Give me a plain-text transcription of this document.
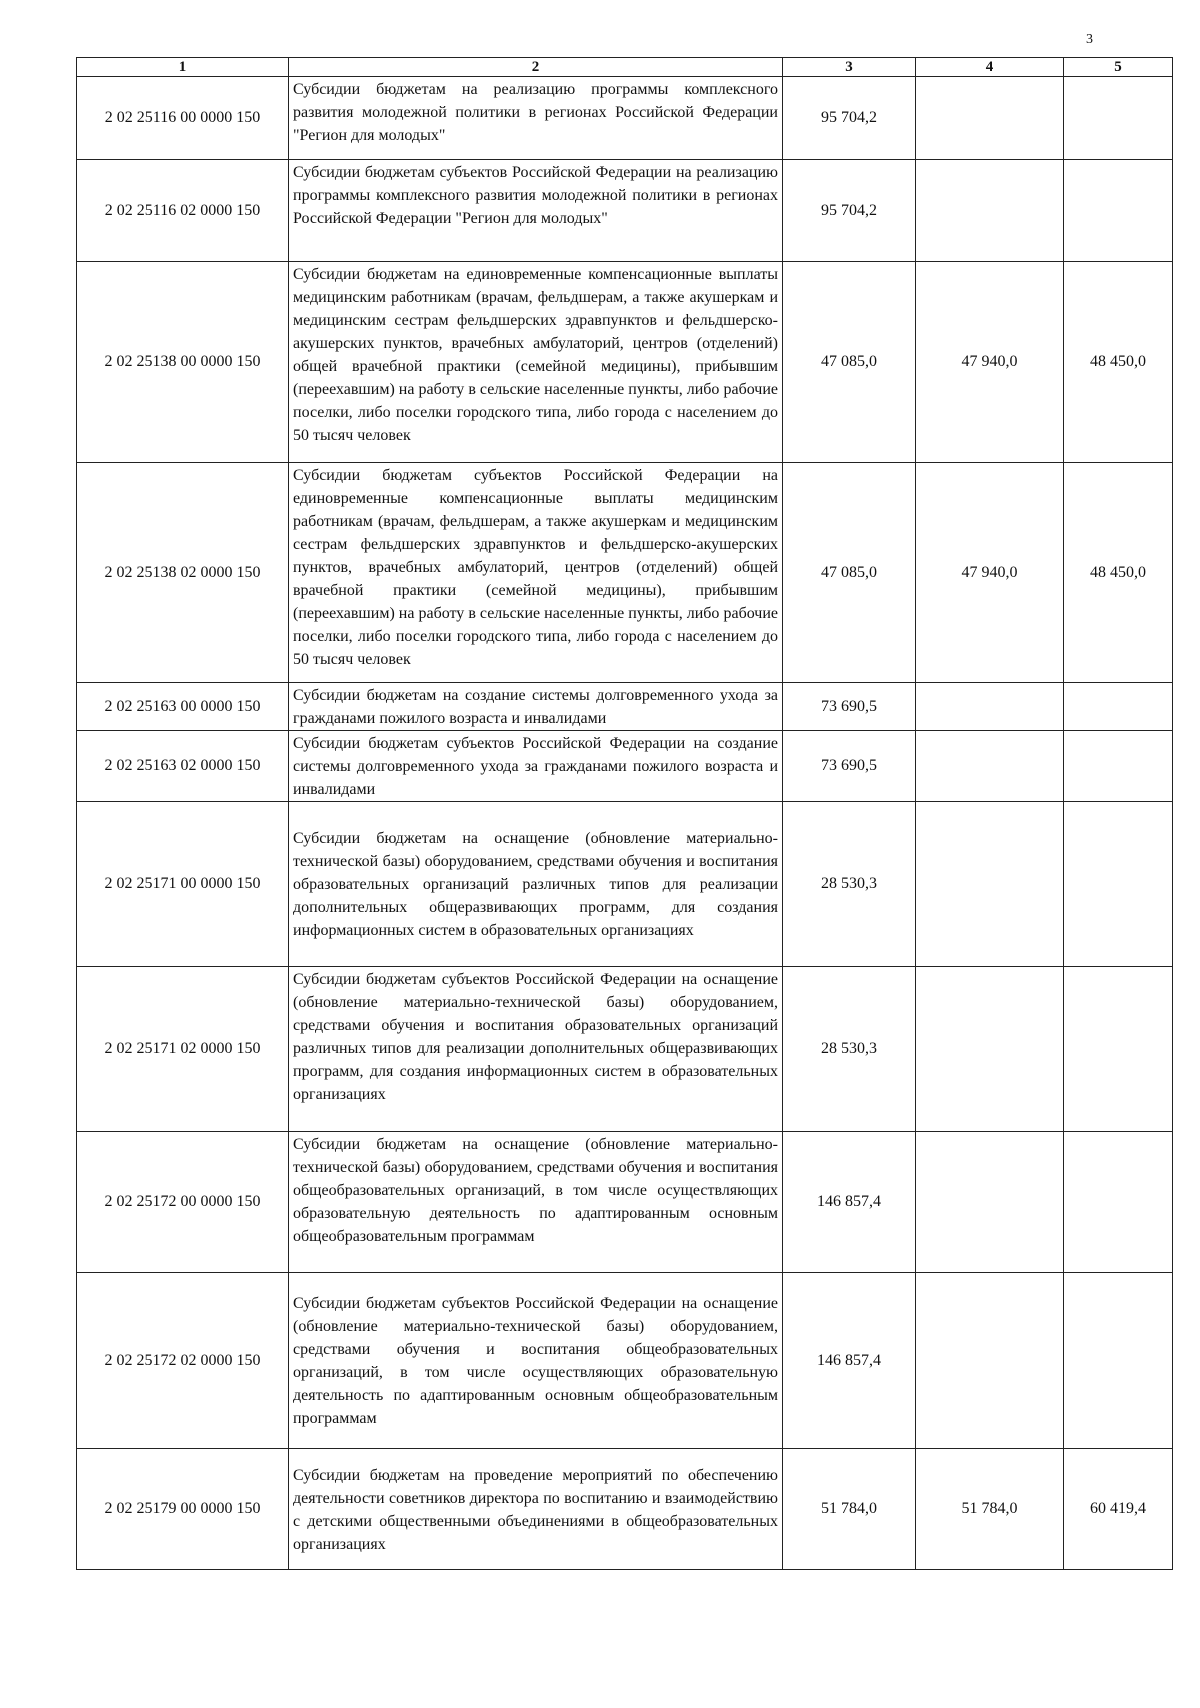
3
1	2	3	4	5
2 02 25116 00 0000 150	Субсидии бюджетам на реализацию программы комплексного развития молодежной политики в регионах Российской Федерации "Регион для молодых"	95 704,2		
2 02 25116 02 0000 150	Субсидии бюджетам субъектов Российской Федерации на реализацию программы комплексного развития молодежной политики в регионах Российской Федерации "Регион для молодых"	95 704,2		
2 02 25138 00 0000 150	Субсидии бюджетам на единовременные компенсационные выплаты медицинским работникам (врачам, фельдшерам, а также акушеркам и медицинским сестрам фельдшерских здравпунктов и фельдшерско-акушерских пунктов, врачебных амбулаторий, центров (отделений) общей врачебной практики (семейной медицины), прибывшим (переехавшим) на работу в сельские населенные пункты, либо рабочие поселки, либо поселки городского типа, либо города с населением до 50 тысяч человек	47 085,0	47 940,0	48 450,0
2 02 25138 02 0000 150	Субсидии бюджетам субъектов Российской Федерации на единовременные компенсационные выплаты медицинским работникам (врачам, фельдшерам, а также акушеркам и медицинским сестрам фельдшерских здравпунктов и фельдшерско-акушерских пунктов, врачебных амбулаторий, центров (отделений) общей врачебной практики (семейной медицины), прибывшим (переехавшим) на работу в сельские населенные пункты, либо рабочие поселки, либо поселки городского типа, либо города с населением до 50 тысяч человек	47 085,0	47 940,0	48 450,0
2 02 25163 00 0000 150	Субсидии бюджетам на создание системы долговременного ухода за гражданами пожилого возраста и инвалидами	73 690,5		
2 02 25163 02 0000 150	Субсидии бюджетам субъектов Российской Федерации на создание системы долговременного ухода за гражданами пожилого возраста и инвалидами	73 690,5		
2 02 25171 00 0000 150	Субсидии бюджетам на оснащение (обновление материально-технической базы) оборудованием, средствами обучения и воспитания образовательных организаций различных типов для реализации дополнительных общеразвивающих программ, для создания информационных систем в образовательных организациях	28 530,3		
2 02 25171 02 0000 150	Субсидии бюджетам субъектов Российской Федерации на оснащение (обновление материально-технической базы) оборудованием, средствами обучения и воспитания образовательных организаций различных типов для реализации дополнительных общеразвивающих программ, для создания информационных систем в образовательных организациях	28 530,3		
2 02 25172 00 0000 150	Субсидии бюджетам на оснащение (обновление материально-технической базы) оборудованием, средствами обучения и воспитания общеобразовательных организаций, в том числе осуществляющих образовательную деятельность по адаптированным основным общеобразовательным программам	146 857,4		
2 02 25172 02 0000 150	Субсидии бюджетам субъектов Российской Федерации на оснащение (обновление материально-технической базы) оборудованием, средствами обучения и воспитания общеобразовательных организаций, в том числе осуществляющих образовательную деятельность по адаптированным основным общеобразовательным программам	146 857,4		
2 02 25179 00 0000 150	Субсидии бюджетам на проведение мероприятий по обеспечению деятельности советников директора по воспитанию и взаимодействию с детскими общественными объединениями в общеобразовательных организациях	51 784,0	51 784,0	60 419,4
